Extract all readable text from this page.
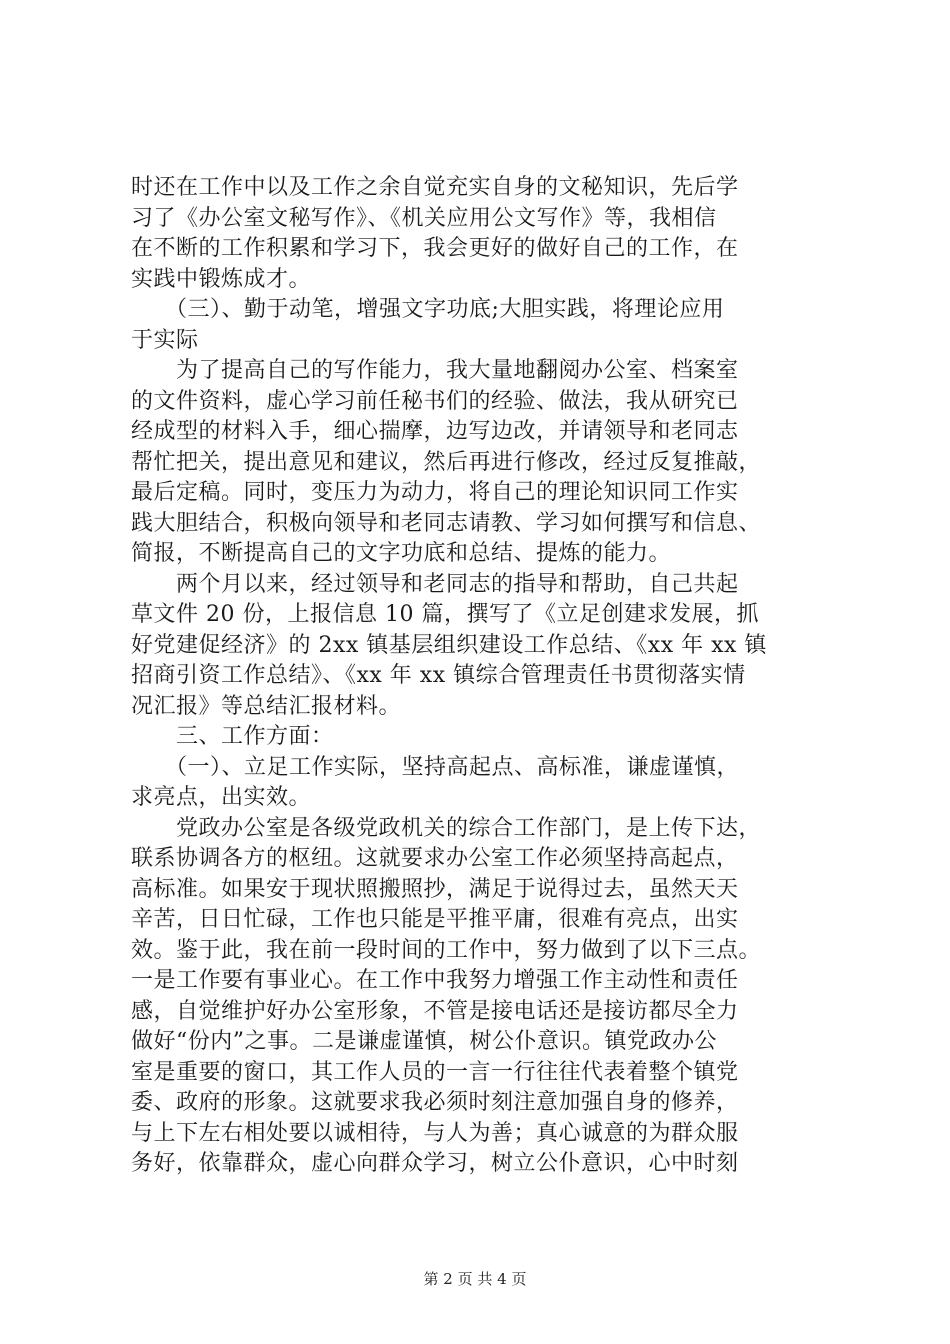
时还在工作中以及工作之余自觉充实自身的文秘知识，先后学
习了《办公室文秘写作》、《机关应用公文写作》等，我相信
在不断的工作积累和学习下，我会更好的做好自己的工作，在
实践中锻炼成才。
　　（三）、勤于动笔，增强文字功底;大胆实践，将理论应用
于实际
　　为了提高自己的写作能力，我大量地翻阅办公室、档案室
的文件资料，虚心学习前任秘书们的经验、做法，我从研究已
经成型的材料入手，细心揣摩，边写边改，并请领导和老同志
帮忙把关，提出意见和建议，然后再进行修改，经过反复推敲，
最后定稿。同时，变压力为动力，将自己的理论知识同工作实
践大胆结合，积极向领导和老同志请教、学习如何撰写和信息、
简报，不断提高自己的文字功底和总结、提炼的能力。
　　两个月以来，经过领导和老同志的指导和帮助，自己共起
草文件 20 份，上报信息 10 篇，撰写了《立足创建求发展，抓
好党建促经济》的 2xx 镇基层组织建设工作总结、《xx 年 xx 镇
招商引资工作总结》、《xx 年 xx 镇综合管理责任书贯彻落实情
况汇报》等总结汇报材料。
　　三、工作方面：
　　（一）、立足工作实际，坚持高起点、高标准，谦虚谨慎，
求亮点，出实效。
　　党政办公室是各级党政机关的综合工作部门，是上传下达，
联系协调各方的枢纽。这就要求办公室工作必须坚持高起点，
高标准。如果安于现状照搬照抄，满足于说得过去，虽然天天
辛苦，日日忙碌，工作也只能是平推平庸，很难有亮点，出实
效。鉴于此，我在前一段时间的工作中，努力做到了以下三点。
一是工作要有事业心。在工作中我努力增强工作主动性和责任
感，自觉维护好办公室形象，不管是接电话还是接访都尽全力
做好“份内”之事。二是谦虚谨慎，树公仆意识。镇党政办公
室是重要的窗口，其工作人员的一言一行往往代表着整个镇党
委、政府的形象。这就要求我必须时刻注意加强自身的修养，
与上下左右相处要以诚相待，与人为善；真心诚意的为群众服
务好，依靠群众，虚心向群众学习，树立公仆意识，心中时刻
第 2 页 共 4 页
